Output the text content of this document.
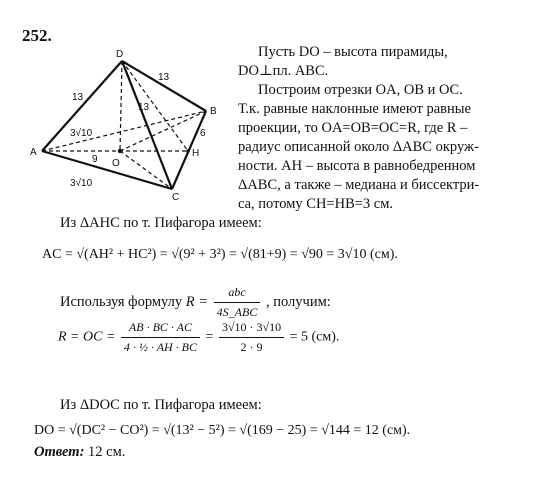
252.
D
A
B
C
O
H
13
13
13
3√10
3√10
9
6
Пусть DO – высота пирамиды,
DO⊥пл. ABC.
Построим отрезки OA, OB и OC.
Т.к. равные наклонные имеют равные
проекции, то OA=OB=OC=R, где R –
радиус описанной около ΔABC окруж-
ности. AH – высота в равнобедренном
ΔABC, а также – медиана и биссектри-
са, потому CH=HB=3 см.
Из ΔAHC по т. Пифагора имеем:
AC = √(AH² + HC²) = √(9² + 3²) = √(81+9) = √90 = 3√10 (см).
Используя формулу $R = \frac{\text{abc}}{\text{4S\_ABC}}$ , получим:
R = OC = $\frac{AB \cdot BC \cdot AC}{\text{4 · ½ · AH · BC}} = \frac{3√10 \cdot 3√10}{2 \cdot 9} = 5$ (см).
Из ΔDOC по т. Пифагора имеем:
DO = √(DC² − CO²) = √(13² − 5²) = √(169 − 25) = √144 = 12 (см).
Ответ: 12 см.
